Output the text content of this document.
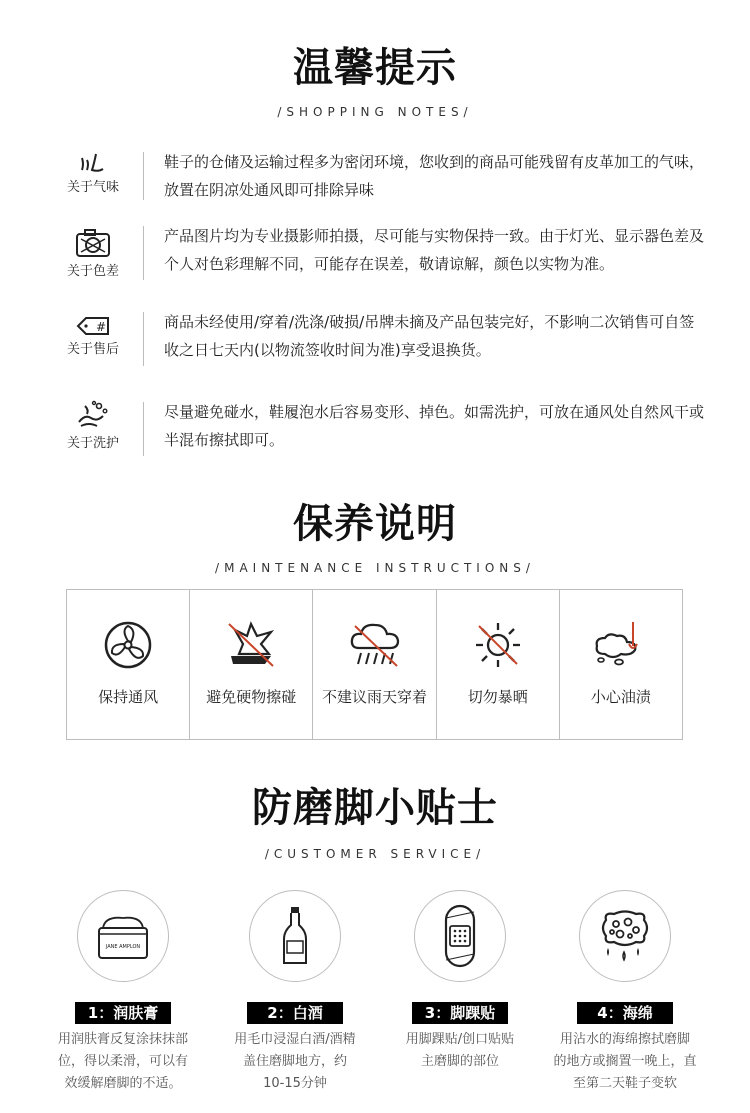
温馨提示
/SHOPPING NOTES/
关于气味
鞋子的仓储及运输过程多为密闭环境，您收到的商品可能残留有皮革加工的气味，放置在阴凉处通风即可排除异味
关于色差
产品图片均为专业摄影师拍摄，尽可能与实物保持一致。由于灯光、显示器色差及个人对色彩理解不同，可能存在误差，敬请谅解，颜色以实物为准。
#
关于售后
商品未经使用/穿着/洗涤/破损/吊牌未摘及产品包装完好，不影响二次销售可自签收之日七天内(以物流签收时间为准)享受退换货。
关于洗护
尽量避免碰水，鞋履泡水后容易变形、掉色。如需洗护，可放在通风处自然风干或半混布擦拭即可。
保养说明
/MAINTENANCE INSTRUCTIONS/
保持通风	避免硬物擦碰	不建议雨天穿着	切勿暴晒	小心油渍
防磨脚小贴士
/CUSTOMER SERVICE/
JANE AMPLON
1：润肤膏
用润肤膏反复涂抹抹部
位，得以柔滑，可以有
效缓解磨脚的不适。
2：白酒
用毛巾浸湿白酒/酒精
盖住磨脚地方，约
10-15分钟
3：脚踝贴
用脚踝贴/创口贴贴
主磨脚的部位
4：海绵
用沾水的海绵擦拭磨脚
的地方或搁置一晚上，直
至第二天鞋子变软
